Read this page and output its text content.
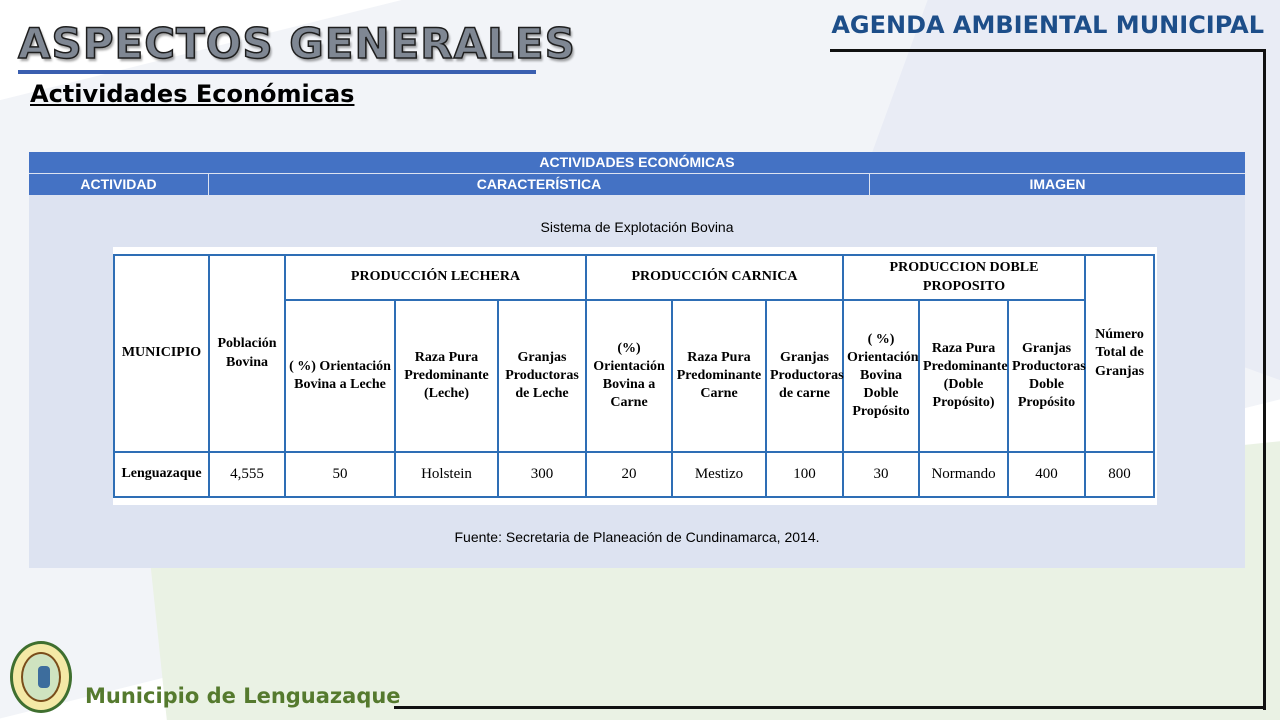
ASPECTOS GENERALES
Actividades Económicas
AGENDA AMBIENTAL MUNICIPAL
ACTIVIDADES ECONÓMICAS
ACTIVIDAD	CARACTERÍSTICA	IMAGEN

Sistema de Explotación Bovina

MUNICIPIO	Población Bovina	PRODUCCIÓN LECHERA			PRODUCCIÓN CARNICA			PRODUCCION DOBLE PROPOSITO			Número Total de Granjas
		( %) Orientación Bovina a Leche	Raza Pura Predominante (Leche)	Granjas Productoras de Leche	(%) Orientación Bovina a Carne	Raza Pura Predominante Carne	Granjas Productoras de carne	( %) Orientación Bovina Doble Propósito	Raza Pura Predominante (Doble Propósito)	Granjas Productoras Doble Propósito	
Lenguazaque	4,555	50	Holstein	300	20	Mestizo	100	30	Normando	400	800

Fuente: Secretaria de Planeación de Cundinamarca, 2014.

Municipio de Lenguazaque
